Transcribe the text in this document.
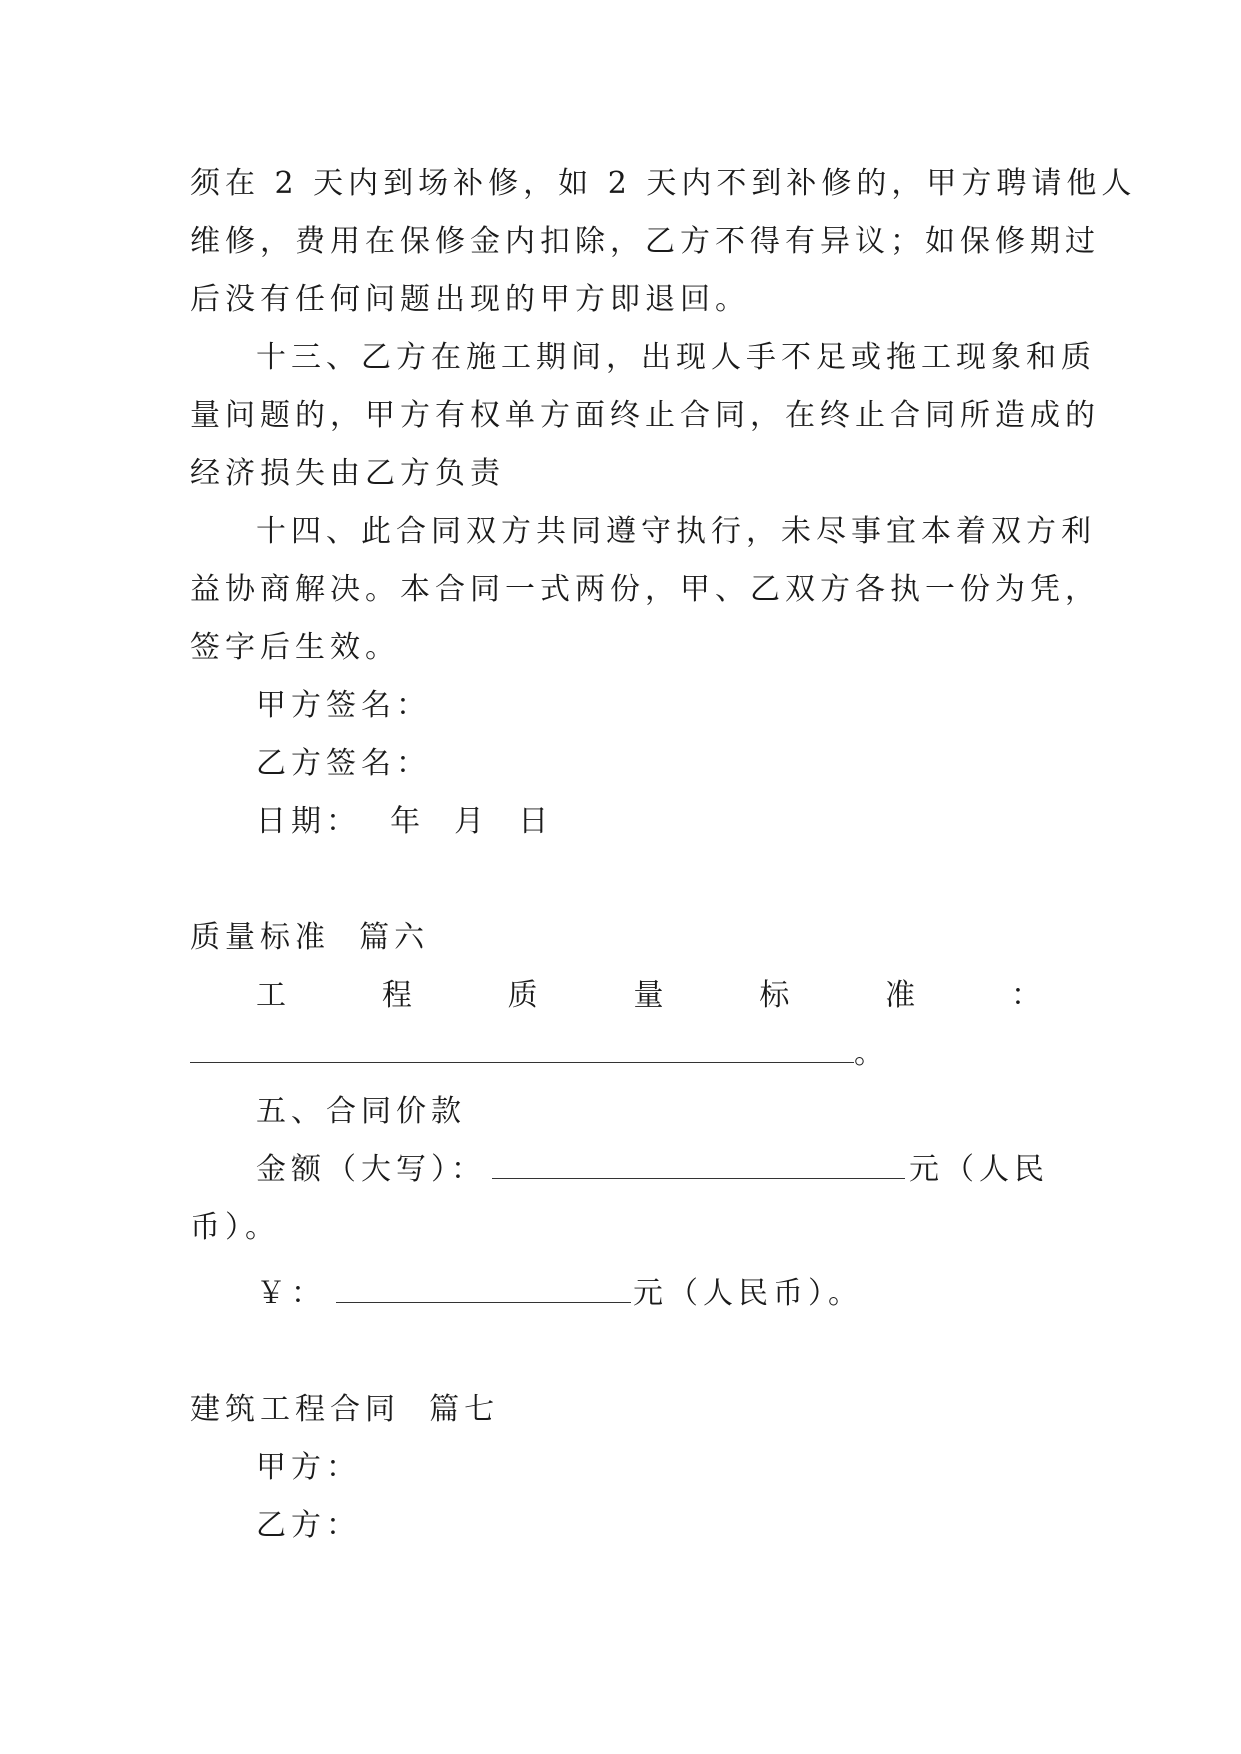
须在 2 天内到场补修，如 2 天内不到补修的，甲方聘请他人
维修，费用在保修金内扣除，乙方不得有异议；如保修期过
后没有任何问题出现的甲方即退回。
十三、乙方在施工期间，出现人手不足或拖工现象和质
量问题的，甲方有权单方面终止合同，在终止合同所造成的
经济损失由乙方负责
十四、此合同双方共同遵守执行，未尽事宜本着双方利
益协商解决。本合同一式两份，甲、乙双方各执一份为凭，
签字后生效。
甲方签名：
乙方签名：
日期：  年  月  日
质量标准  篇六
工	程	质	量	标	准	：
。
五、合同价款
金额（大写）：	元（人民
币）。
￥：	元（人民币）。
建筑工程合同  篇七
甲方：
乙方：
